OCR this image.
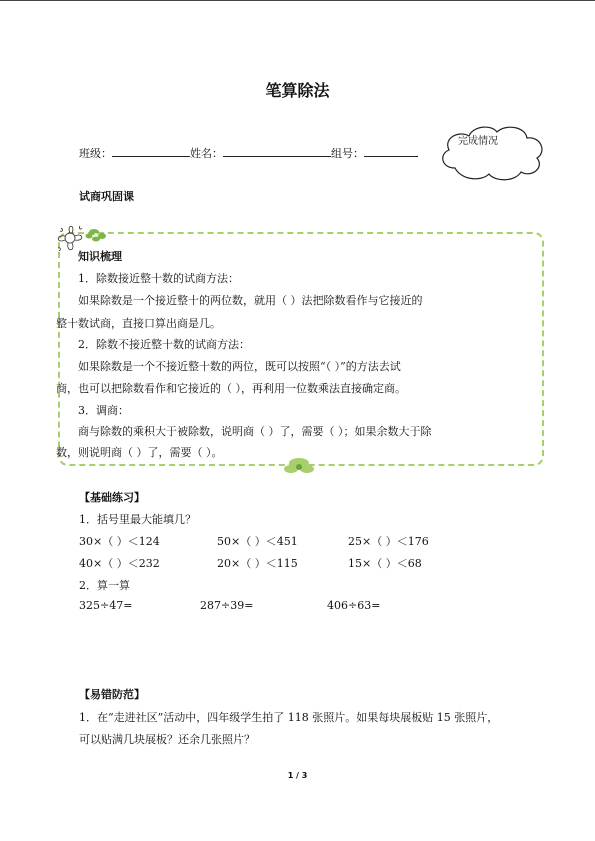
笔算除法
班级：	姓名：	组号：
完成情况
试商巩固课
知识梳理
1．除数接近整十数的试商方法：
如果除数是一个接近整十的两位数，就用（ ）法把除数看作与它接近的
整十数试商，直接口算出商是几。
2．除数不接近整十数的试商方法：
如果除数是一个不接近整十数的两位，既可以按照“（ ）”的方法去试
商，也可以把除数看作和它接近的（ ），再利用一位数乘法直接确定商。
3．调商：
商与除数的乘积大于被除数，说明商（ ）了，需要（ ）；如果余数大于除
数，则说明商（ ）了，需要（ ）。
【基础练习】
1．括号里最大能填几？
30×（ ）＜124	50×（ ）＜451	25×（ ）＜176
40×（ ）＜232	20×（ ）＜115	15×（ ）＜68
2．算一算
325÷47=	287÷39=	406÷63=
【易错防范】
1．在“走进社区”活动中，四年级学生拍了 118 张照片。如果每块展板贴 15 张照片，
可以贴满几块展板？还余几张照片？
1 / 3
